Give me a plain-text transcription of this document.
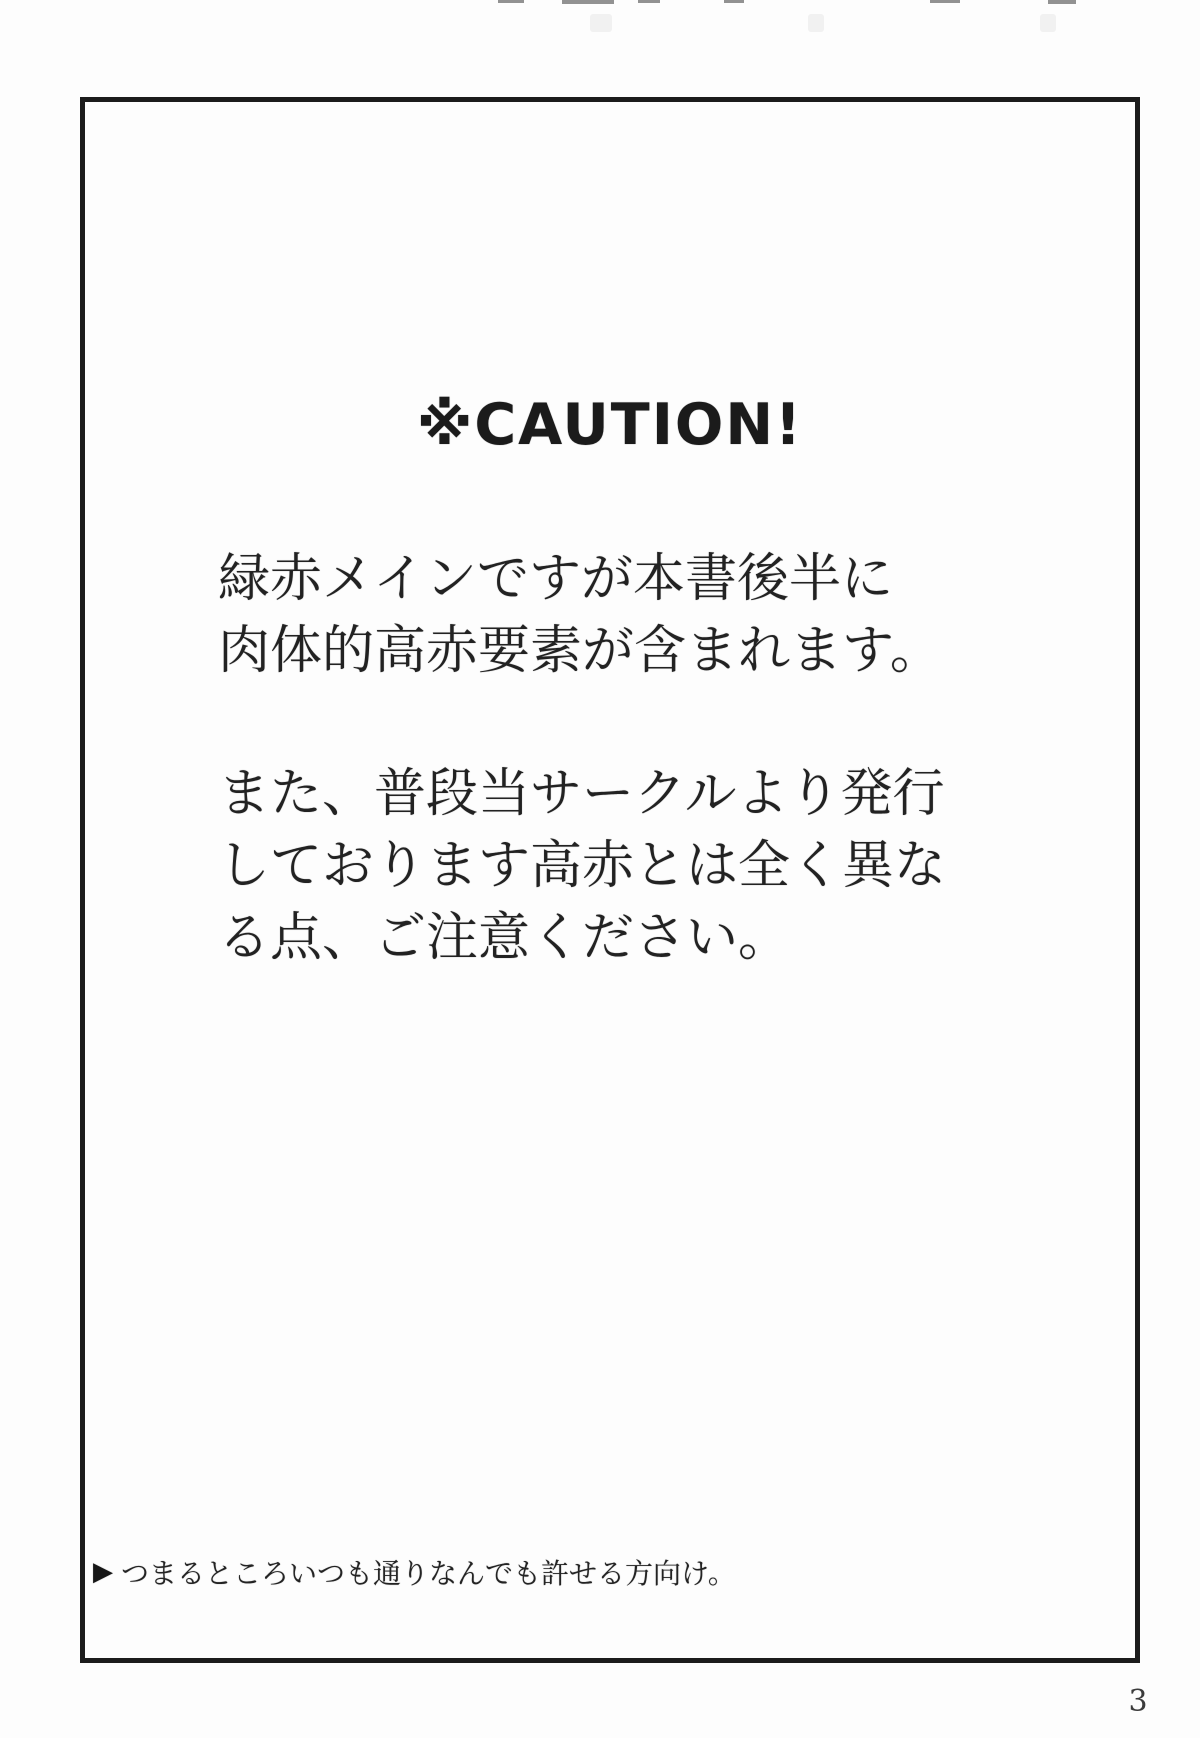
※CAUTION!
緑赤メインですが本書後半に
肉体的高赤要素が含まれます。
また、普段当サークルより発行
しております高赤とは全く異な
る点、ご注意ください。
▶ つまるところいつも通りなんでも許せる方向け。
3
